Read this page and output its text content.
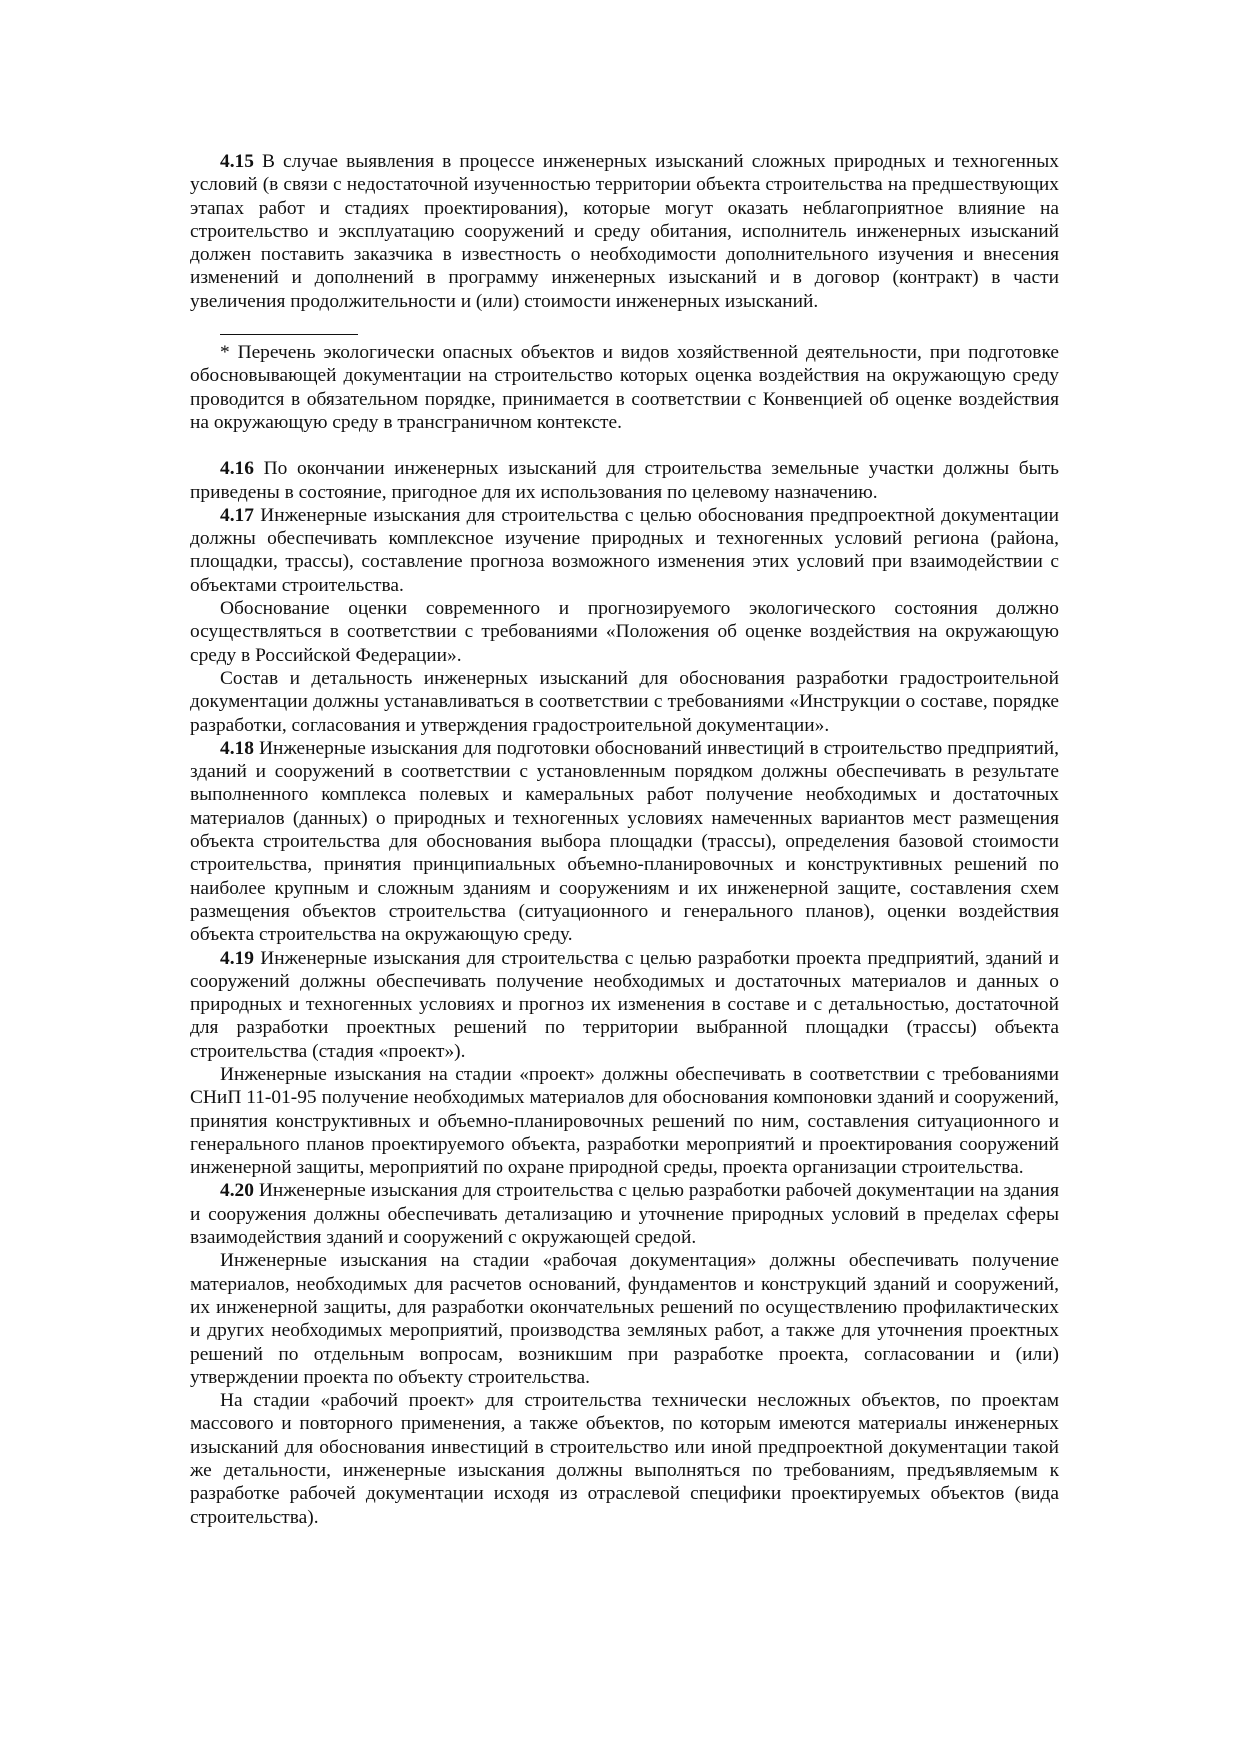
4.15 В случае выявления в процессе инженерных изысканий сложных природных и техногенных условий (в связи с недостаточной изученностью территории объекта строительства на предшествующих этапах работ и стадиях проектирования), которые могут оказать неблагоприятное влияние на строительство и эксплуатацию сооружений и среду обитания, исполнитель инженерных изысканий должен поставить заказчика в известность о необходимости дополнительного изучения и внесения изменений и дополнений в программу инженерных изысканий и в договор (контракт) в части увеличения продолжительности и (или) стоимости инженерных изысканий.

* Перечень экологически опасных объектов и видов хозяйственной деятельности, при подготовке обосновывающей документации на строительство которых оценка воздействия на окружающую среду проводится в обязательном порядке, принимается в соответствии с Конвенцией об оценке воздействия на окружающую среду в трансграничном контексте.

4.16 По окончании инженерных изысканий для строительства земельные участки должны быть приведены в состояние, пригодное для их использования по целевому назначению.

4.17 Инженерные изыскания для строительства с целью обоснования предпроектной документации должны обеспечивать комплексное изучение природных и техногенных условий региона (района, площадки, трассы), составление прогноза возможного изменения этих условий при взаимодействии с объектами строительства.

Обоснование оценки современного и прогнозируемого экологического состояния должно осуществляться в соответствии с требованиями «Положения об оценке воздействия на окружающую среду в Российской Федерации».

Состав и детальность инженерных изысканий для обоснования разработки градостроительной документации должны устанавливаться в соответствии с требованиями «Инструкции о составе, порядке разработки, согласования и утверждения градостроительной документации».

4.18 Инженерные изыскания для подготовки обоснований инвестиций в строительство предприятий, зданий и сооружений в соответствии с установленным порядком должны обеспечивать в результате выполненного комплекса полевых и камеральных работ получение необходимых и достаточных материалов (данных) о природных и техногенных условиях намеченных вариантов мест размещения объекта строительства для обоснования выбора площадки (трассы), определения базовой стоимости строительства, принятия принципиальных объемно-планировочных и конструктивных решений по наиболее крупным и сложным зданиям и сооружениям и их инженерной защите, составления схем размещения объектов строительства (ситуационного и генерального планов), оценки воздействия объекта строительства на окружающую среду.

4.19 Инженерные изыскания для строительства с целью разработки проекта предприятий, зданий и сооружений должны обеспечивать получение необходимых и достаточных материалов и данных о природных и техногенных условиях и прогноз их изменения в составе и с детальностью, достаточной для разработки проектных решений по территории выбранной площадки (трассы) объекта строительства (стадия «проект»).

Инженерные изыскания на стадии «проект» должны обеспечивать в соответствии с требованиями СНиП 11-01-95 получение необходимых материалов для обоснования компоновки зданий и сооружений, принятия конструктивных и объемно-планировочных решений по ним, составления ситуационного и генерального планов проектируемого объекта, разработки мероприятий и проектирования сооружений инженерной защиты, мероприятий по охране природной среды, проекта организации строительства.

4.20 Инженерные изыскания для строительства с целью разработки рабочей документации на здания и сооружения должны обеспечивать детализацию и уточнение природных условий в пределах сферы взаимодействия зданий и сооружений с окружающей средой.

Инженерные изыскания на стадии «рабочая документация» должны обеспечивать получение материалов, необходимых для расчетов оснований, фундаментов и конструкций зданий и сооружений, их инженерной защиты, для разработки окончательных решений по осуществлению профилактических и других необходимых мероприятий, производства земляных работ, а также для уточнения проектных решений по отдельным вопросам, возникшим при разработке проекта, согласовании и (или) утверждении проекта по объекту строительства.

На стадии «рабочий проект» для строительства технически несложных объектов, по проектам массового и повторного применения, а также объектов, по которым имеются материалы инженерных изысканий для обоснования инвестиций в строительство или иной предпроектной документации такой же детальности, инженерные изыскания должны выполняться по требованиям, предъявляемым к разработке рабочей документации исходя из отраслевой специфики проектируемых объектов (вида строительства).
